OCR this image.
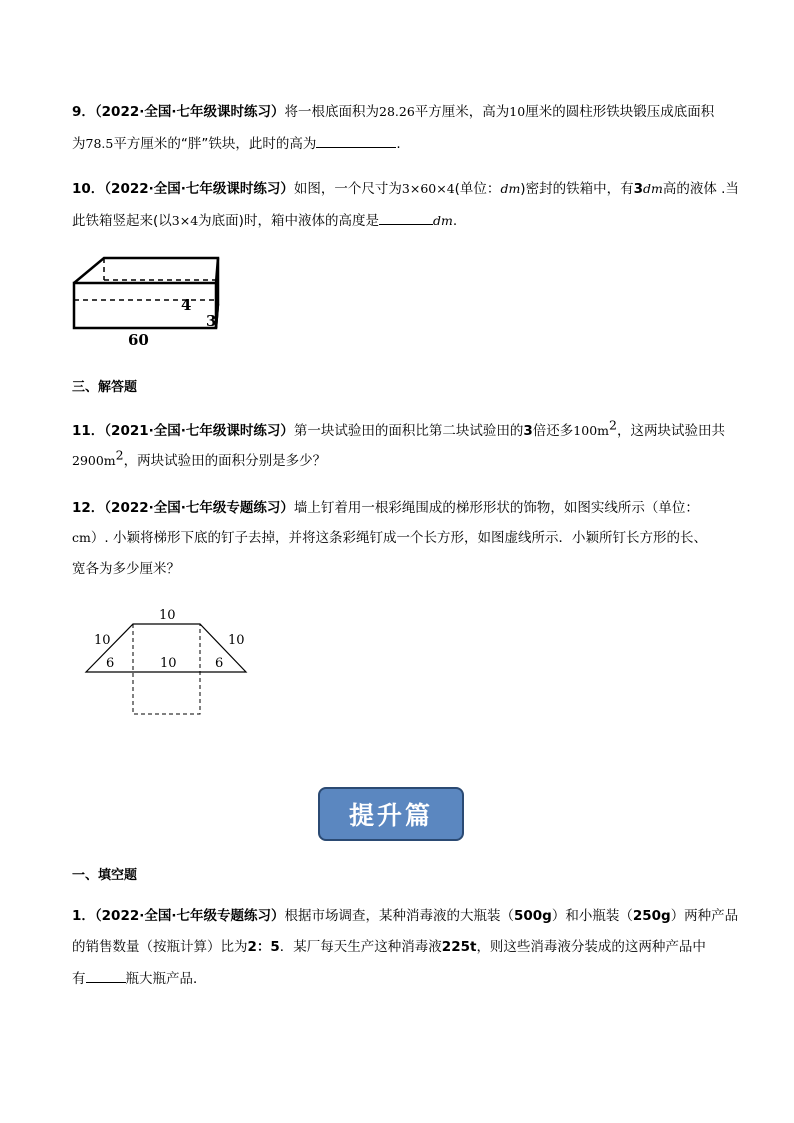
9．（2022·全国·七年级课时练习）将一根底面积为28.26平方厘米，高为10厘米的圆柱形铁块锻压成底面积
为78.5平方厘米的“胖”铁块，此时的高为	.
10．（2022·全国·七年级课时练习）如图，一个尺寸为3×60×4(单位：dm)密封的铁箱中，有3dm高的液体 .当
此铁箱竖起来(以3×4为底面)时，箱中液体的高度是	dm.
60
4
3
三、解答题
11．（2021·全国·七年级课时练习）第一块试验田的面积比第二块试验田的3倍还多$100m^2$，这两块试验田共
$2900m^2$，两块试验田的面积分别是多少？
12．（2022·全国·七年级专题练习）墙上钉着用一根彩绳围成的梯形形状的饰物，如图实线所示（单位：
cm）. 小颖将梯形下底的钉子去掉，并将这条彩绳钉成一个长方形，如图虚线所示．小颖所钉长方形的长、
宽各为多少厘米？
10
10	10
6	10	6
提升篇
一、填空题
1．（2022·全国·七年级专题练习）根据市场调查，某种消毒液的大瓶装（500g）和小瓶装（250g）两种产品
的销售数量（按瓶计算）比为2：5．某厂每天生产这种消毒液225t，则这些消毒液分装成的这两种产品中
有	瓶大瓶产品．
